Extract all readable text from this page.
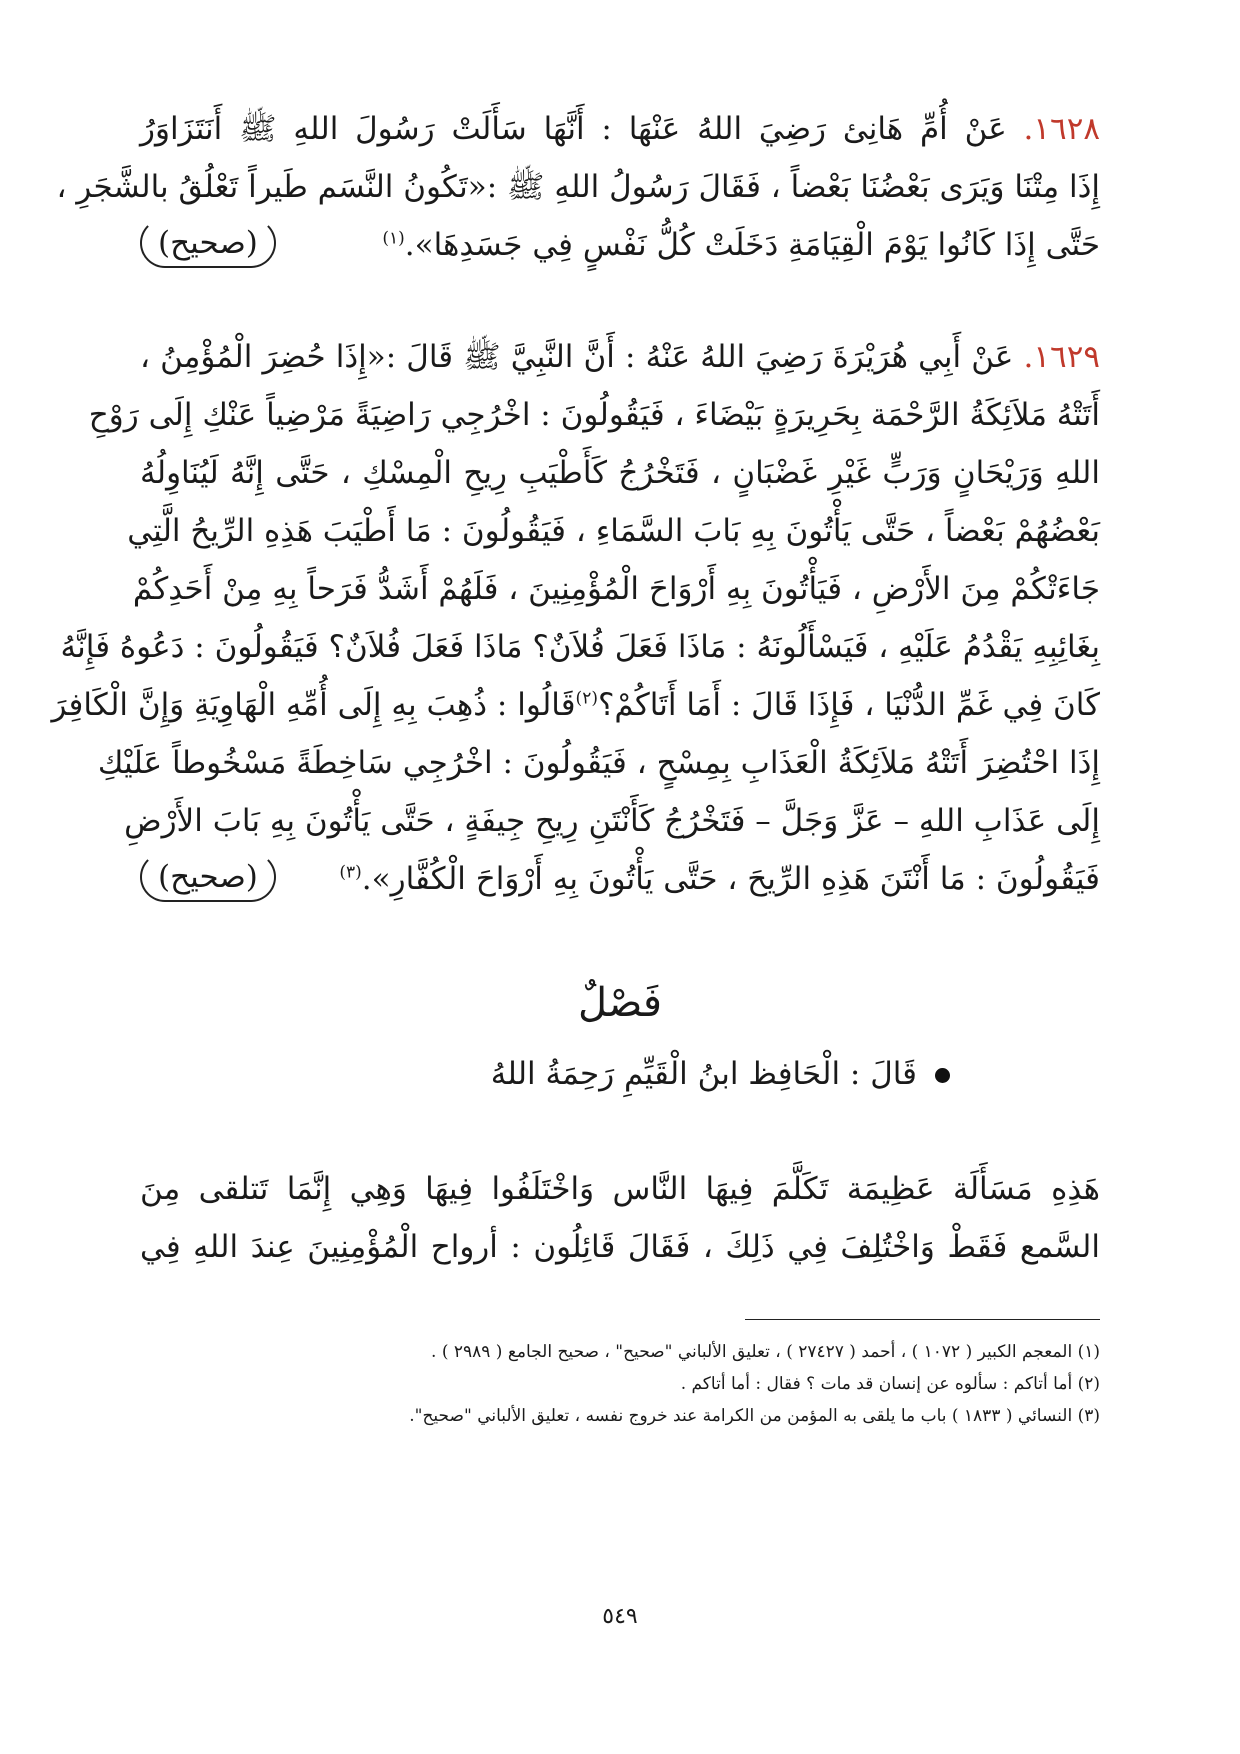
١٦٢٨. عَنْ أُمِّ هَانِئ رَضِيَ اللهُ عَنْهَا : أَنَّهَا سَأَلَتْ رَسُولَ اللهِ ﷺ أَنَتَزَاوَرُ
إِذَا مِتْنَا وَيَرَى بَعْضُنَا بَعْضاً ، فَقَالَ رَسُولُ اللهِ ﷺ :«تَكُونُ النَّسَم طَيراً تَعْلُقُ بالشَّجَرِ ،
(صحيح)	حَتَّى إِذَا كَانُوا يَوْمَ الْقِيَامَةِ دَخَلَتْ كُلُّ نَفْسٍ فِي جَسَدِهَا».$^{(١)}$
١٦٢٩. عَنْ أَبِي هُرَيْرَةَ رَضِيَ اللهُ عَنْهُ : أَنَّ النَّبِيَّ ﷺ قَالَ :«إِذَا حُضِرَ الْمُؤْمِنُ ،
أَتَتْهُ مَلاَئِكَةُ الرَّحْمَة بِحَرِيرَةٍ بَيْضَاءَ ، فَيَقُولُونَ : اخْرُجِي رَاضِيَةً مَرْضِياً عَنْكِ إِلَى رَوْحِ
اللهِ وَرَيْحَانٍ وَرَبٍّ غَيْرِ غَضْبَانٍ ، فَتَخْرُجُ كَأَطْيَبِ رِيحِ الْمِسْكِ ، حَتَّى إِنَّهُ لَيُنَاوِلُهُ
بَعْضُهُمْ بَعْضاً ، حَتَّى يَأْتُونَ بِهِ بَابَ السَّمَاءِ ، فَيَقُولُونَ : مَا أَطْيَبَ هَذِهِ الرِّيحُ الَّتِي
جَاءَتْكُمْ مِنَ الأَرْضِ ، فَيَأْتُونَ بِهِ أَرْوَاحَ الْمُؤْمِنِينَ ، فَلَهُمْ أَشَدُّ فَرَحاً بِهِ مِنْ أَحَدِكُمْ
بِغَائِبِهِ يَقْدُمُ عَلَيْهِ ، فَيَسْأَلُونَهُ : مَاذَا فَعَلَ فُلاَنٌ؟ مَاذَا فَعَلَ فُلاَنٌ؟ فَيَقُولُونَ : دَعُوهُ فَإِنَّهُ
كَانَ فِي غَمِّ الدُّنْيَا ، فَإِذَا قَالَ : أَمَا أَتَاكُمْ؟$^{(٢)}$قَالُوا : ذُهِبَ بِهِ إِلَى أُمِّهِ الْهَاوِيَةِ وَإِنَّ الْكَافِرَ
إِذَا احْتُضِرَ أَتَتْهُ مَلاَئِكَةُ الْعَذَابِ بِمِسْحٍ ، فَيَقُولُونَ : اخْرُجِي سَاخِطَةً مَسْخُوطاً عَلَيْكِ
إِلَى عَذَابِ اللهِ – عَزَّ وَجَلَّ – فَتَخْرُجُ كَأَنْتَنِ رِيحِ جِيفَةٍ ، حَتَّى يَأْتُونَ بِهِ بَابَ الأَرْضِ
(صحيح)	فَيَقُولُونَ : مَا أَنْتَنَ هَذِهِ الرِّيحَ ، حَتَّى يَأْتُونَ بِهِ أَرْوَاحَ الْكُفَّارِ».$^{(٣)}$
فَصْلٌ
قَالَ : الْحَافِظ ابنُ الْقَيِّمِ رَحِمَةُ اللهُ
هَذِهِ مَسَأَلَة عَظِيمَة تَكَلَّمَ فِيهَا النَّاس وَاخْتَلَفُوا فِيهَا وَهِي إِنَّمَا تَتلقى مِنَ
السَّمع فَقَطْ وَاخْتُلِفَ فِي ذَلِكَ ، فَقَالَ قَائِلُون : أرواح الْمُؤْمِنِينَ عِندَ اللهِ فِي
(١) المعجم الكبير ( ١٠٧٢ ) ، أحمد ( ٢٧٤٢٧ ) ، تعليق الألباني "صحيح" ، صحيح الجامع ( ٢٩٨٩ ) .
(٢) أما أتاكم : سألوه عن إنسان قد مات ؟ فقال : أما أتاكم .
(٣) النسائي ( ١٨٣٣ ) باب ما يلقى به المؤمن من الكرامة عند خروج نفسه ، تعليق الألباني "صحيح".
٥٤٩
